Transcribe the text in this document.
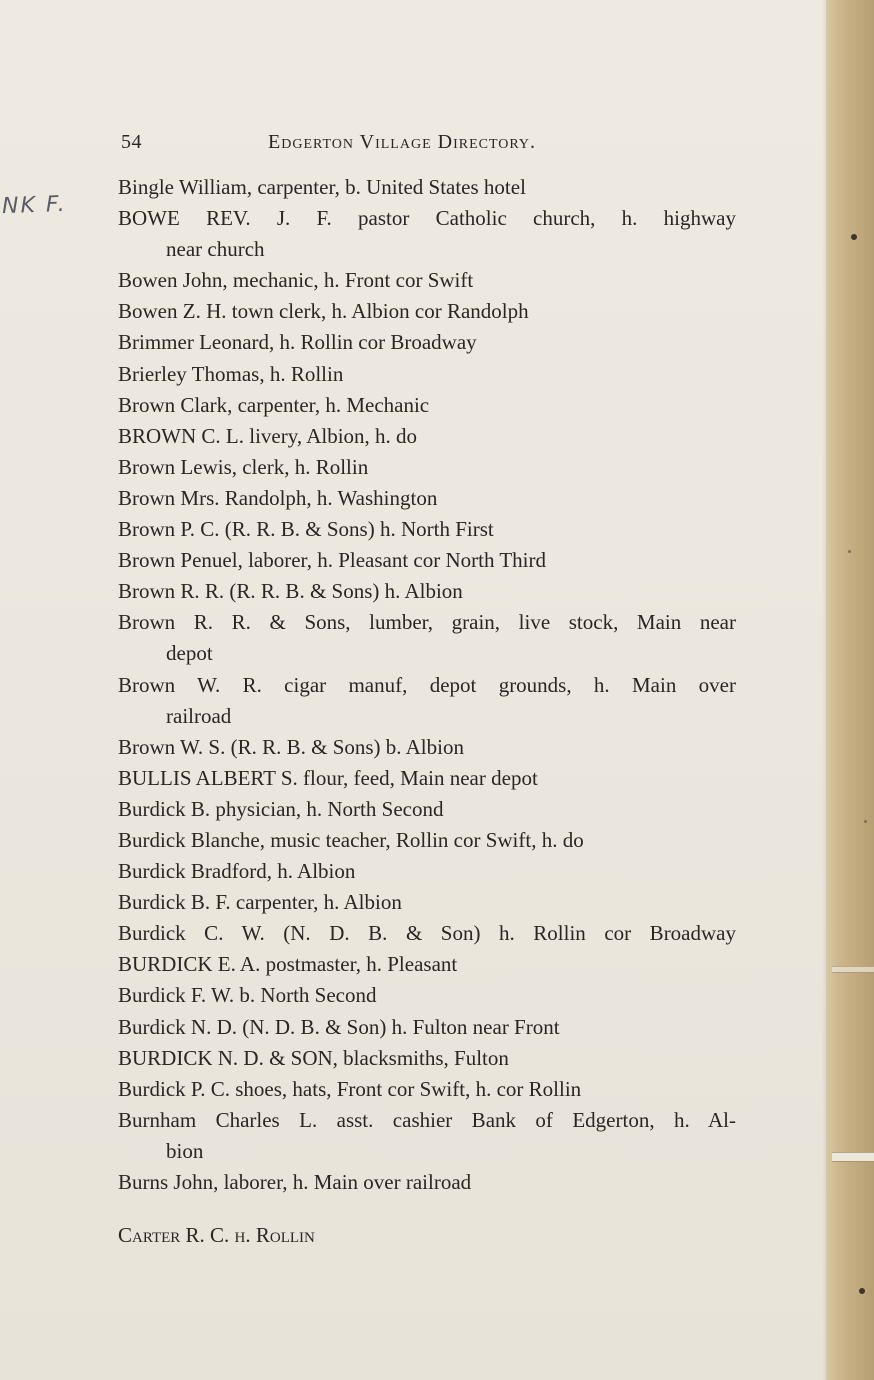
54	Edgerton Village Directory.
NK F.
Bingle William, carpenter, b. United States hotel
BOWE REV. J. F. pastor Catholic church, h. highway
near church
Bowen John, mechanic, h. Front cor Swift
Bowen Z. H. town clerk, h. Albion cor Randolph
Brimmer Leonard, h. Rollin cor Broadway
Brierley Thomas, h. Rollin
Brown Clark, carpenter, h. Mechanic
BROWN C. L. livery, Albion, h. do
Brown Lewis, clerk, h. Rollin
Brown Mrs. Randolph, h. Washington
Brown P. C. (R. R. B. & Sons) h. North First
Brown Penuel, laborer, h. Pleasant cor North Third
Brown R. R. (R. R. B. & Sons) h. Albion
Brown R. R. & Sons, lumber, grain, live stock, Main near
depot
Brown W. R. cigar manuf, depot grounds, h. Main over
railroad
Brown W. S. (R. R. B. & Sons) b. Albion
BULLIS ALBERT S. flour, feed, Main near depot
Burdick B. physician, h. North Second
Burdick Blanche, music teacher, Rollin cor Swift, h. do
Burdick Bradford, h. Albion
Burdick B. F. carpenter, h. Albion
Burdick C. W. (N. D. B. & Son) h. Rollin cor Broadway
BURDICK E. A. postmaster, h. Pleasant
Burdick F. W. b. North Second
Burdick N. D. (N. D. B. & Son) h. Fulton near Front
BURDICK N. D. & SON, blacksmiths, Fulton
Burdick P. C. shoes, hats, Front cor Swift, h. cor Rollin
Burnham Charles L. asst. cashier Bank of Edgerton, h. Al-
bion
Burns John, laborer, h. Main over railroad
Carter R. C. h. Rollin
